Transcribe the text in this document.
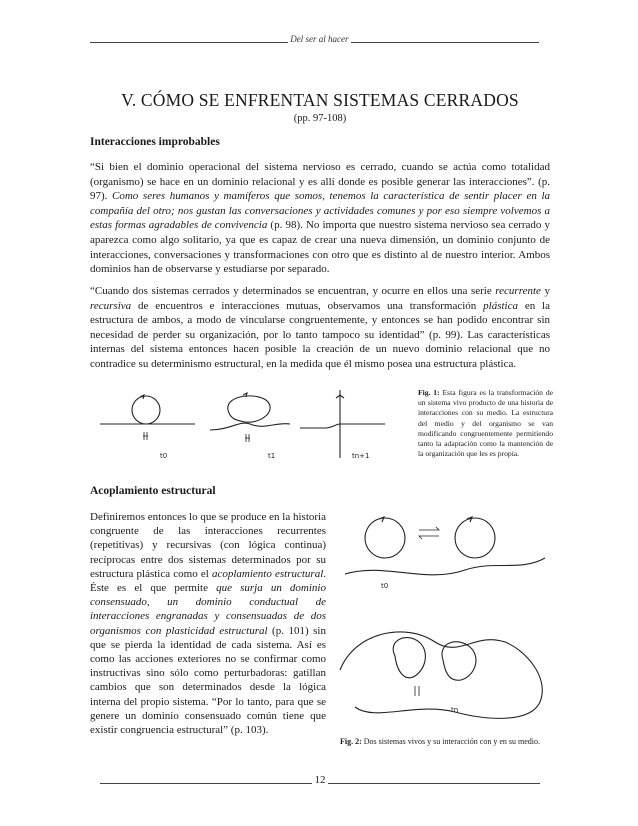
Del ser al hacer
V. CÓMO SE ENFRENTAN SISTEMAS CERRADOS
(pp. 97-108)
Interacciones improbables
“Si bien el dominio operacional del sistema nervioso es cerrado, cuando se actúa como totalidad (organismo) se hace en un dominio relacional y es allí donde es posible generar las interacciones”. (p. 97). Como seres humanos y mamíferos que somos, tenemos la característica de sentir placer en la compañía del otro; nos gustan las conversaciones y actividades comunes y por eso siempre volvemos a estas formas agradables de convivencia (p. 98). No importa que nuestro sistema nervioso sea cerrado y aparezca como algo solitario, ya que es capaz de crear una nueva dimensión, un dominio conjunto de interacciones, conversaciones y transformaciones con otro que es distinto al de nuestro interior. Ambos dominios han de observarse y estudiarse por separado.
“Cuando dos sistemas cerrados y determinados se encuentran, y ocurre en ellos una serie recurrente y recursiva de encuentros e interacciones mutuas, observamos una transformación plástica en la estructura de ambos, a modo de vincularse congruentemente, y entonces se han podido encontrar sin necesidad de perder su organización, por lo tanto tampoco su identidad” (p. 99). Las características internas del sistema entonces hacen posible la creación de un nuevo dominio relacional que no contradice su determinismo estructural, en la medida que él mismo posea una estructura plástica.
t0	t1	tn+1
Fig. 1: Esta figura es la transformación de un sistema vivo producto de una historia de interacciones con su medio. La estructura del medio y del organismo se van modificando congruentemente permitiendo tanto la adaptación como la mantención de la organización que les es propia.
Acoplamiento estructural
Definiremos entonces lo que se produce en la historia congruente de las interacciones recurrentes (repetitivas) y recursivas (con lógica continua) recíprocas entre dos sistemas determinados por su estructura plástica como el acoplamiento estructural. Éste es el que permite que surja un dominio consensuado, un dominio conductual de interacciones engranadas y consensuadas de dos organismos con plasticidad estructural (p. 101) sin que se pierda la identidad de cada sistema. Así es como las acciones exteriores no se confirmar como instructivas sino sólo como perturbadoras: gatillan cambios que son determinados desde la lógica interna del propio sistema. “Por lo tanto, para que se genere un dominio consensuado común tiene que existir congruencia estructural” (p. 103).
t0
tn
Fig. 2: Dos sistemas vivos y su interacción con y en su medio.
12
